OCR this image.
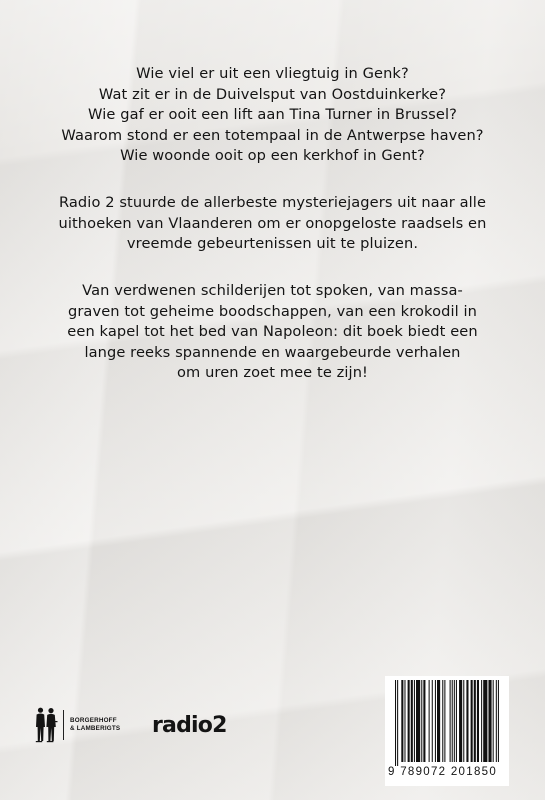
Wie viel er uit een vliegtuig in Genk?
Wat zit er in de Duivelsput van Oostduinkerke?
Wie gaf er ooit een lift aan Tina Turner in Brussel?
Waarom stond er een totempaal in de Antwerpse haven?
Wie woonde ooit op een kerkhof in Gent?
Radio 2 stuurde de allerbeste mysteriejagers uit naar alle
uithoeken van Vlaanderen om er onopgeloste raadsels en
vreemde gebeurtenissen uit te pluizen.
Van verdwenen schilderijen tot spoken, van massa-
graven tot geheime boodschappen, van een krokodil in
een kapel tot het bed van Napoleon: dit boek biedt een
lange reeks spannende en waargebeurde verhalen
om uren zoet mee te zijn!
BORGERHOFF
& LAMBERIGTS radio2
9 789072 201850
